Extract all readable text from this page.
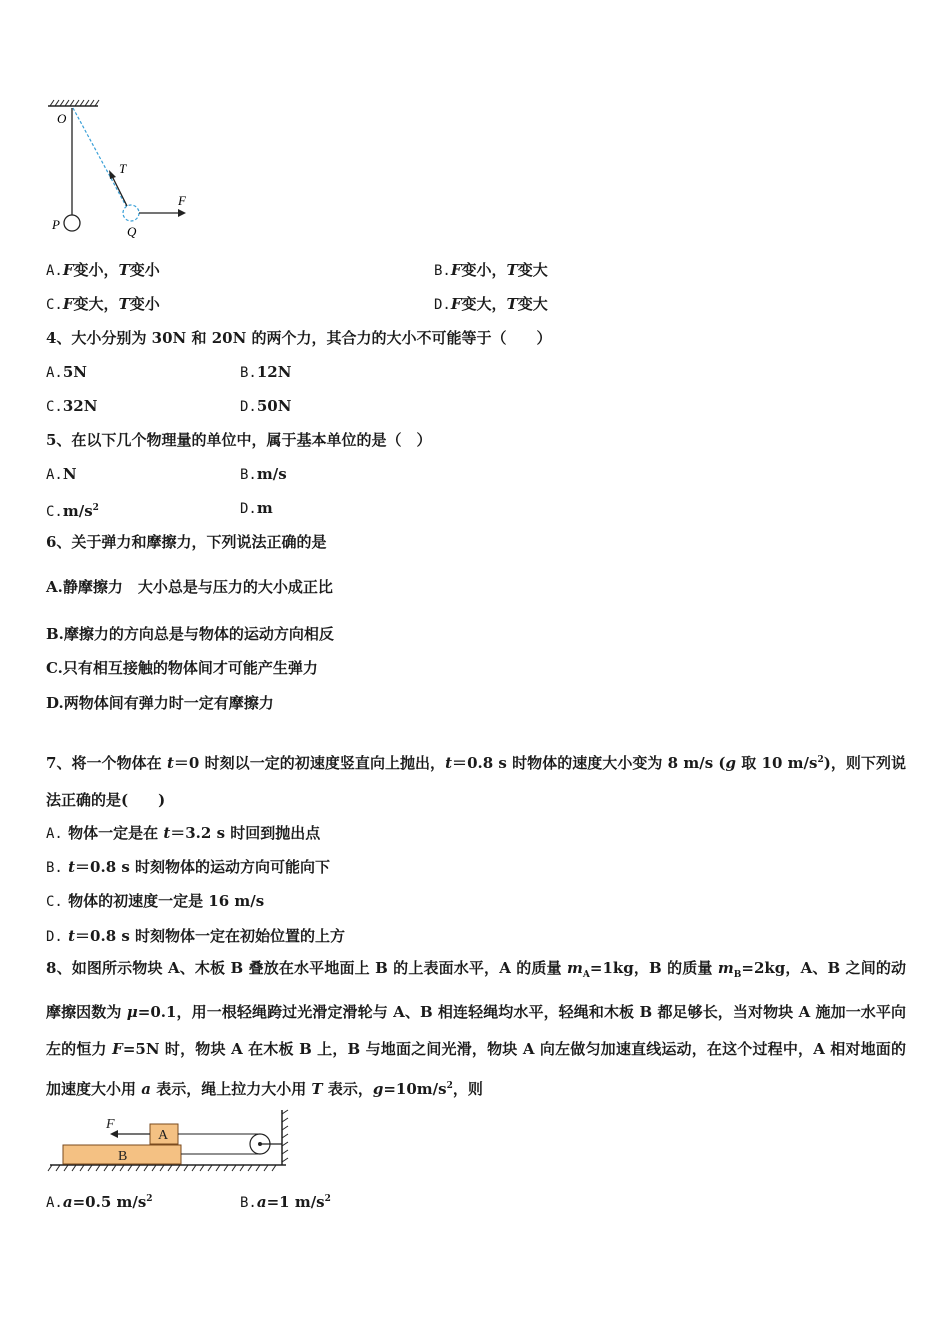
O
P	Q
T
F
A.F变小，T变小	B.F变小，T变大
C.F变大，T变小	D.F变大，T变大
4、大小分别为 30N 和 20N 的两个力，其合力的大小不可能等于（　　）
A.5N	B.12N
C.32N	D.50N
5、在以下几个物理量的单位中，属于基本单位的是（　）
A.N	B.m/s
$C.m/s^2$	D.m
6、关于弹力和摩擦力，下列说法正确的是
A.静摩擦力　大小总是与压力的大小成正比
B.摩擦力的方向总是与物体的运动方向相反
C.只有相互接触的物体间才可能产生弹力
D.两物体间有弹力时一定有摩擦力
7、将一个物体在 t＝0 时刻以一定的初速度竖直向上抛出，t＝0.8 s 时物体的速度大小变为 8 m/s (g 取 10 $m/s^2$)，则下列说法正确的是(　　)
A. 物体一定是在 t＝3.2 s 时回到抛出点
B. t＝0.8 s 时刻物体的运动方向可能向下
C. 物体的初速度一定是 16 m/s
D. t＝0.8 s 时刻物体一定在初始位置的上方
8、如图所示物块 A、木板 B 叠放在水平地面上 B 的上表面水平，A 的质量 $m_A=1kg$，B 的质量 $m_B=2kg$，A、B 之间的动摩擦因数为 μ=0.1，用一根轻绳跨过光滑定滑轮与 A、B 相连轻绳均水平，轻绳和木板 B 都足够长，当对物块 A 施加一水平向左的恒力 F=5N 时，物块 A 在木板 B 上，B 与地面之间光滑，物块 A 向左做匀加速直线运动，在这个过程中，A 相对地面的加速度大小用 a 表示，绳上拉力大小用 T 表示，$g=10m/s^2$，则
B
A
F
A.a=0.5 $m/s^2$	B.a=1 $m/s^2$
